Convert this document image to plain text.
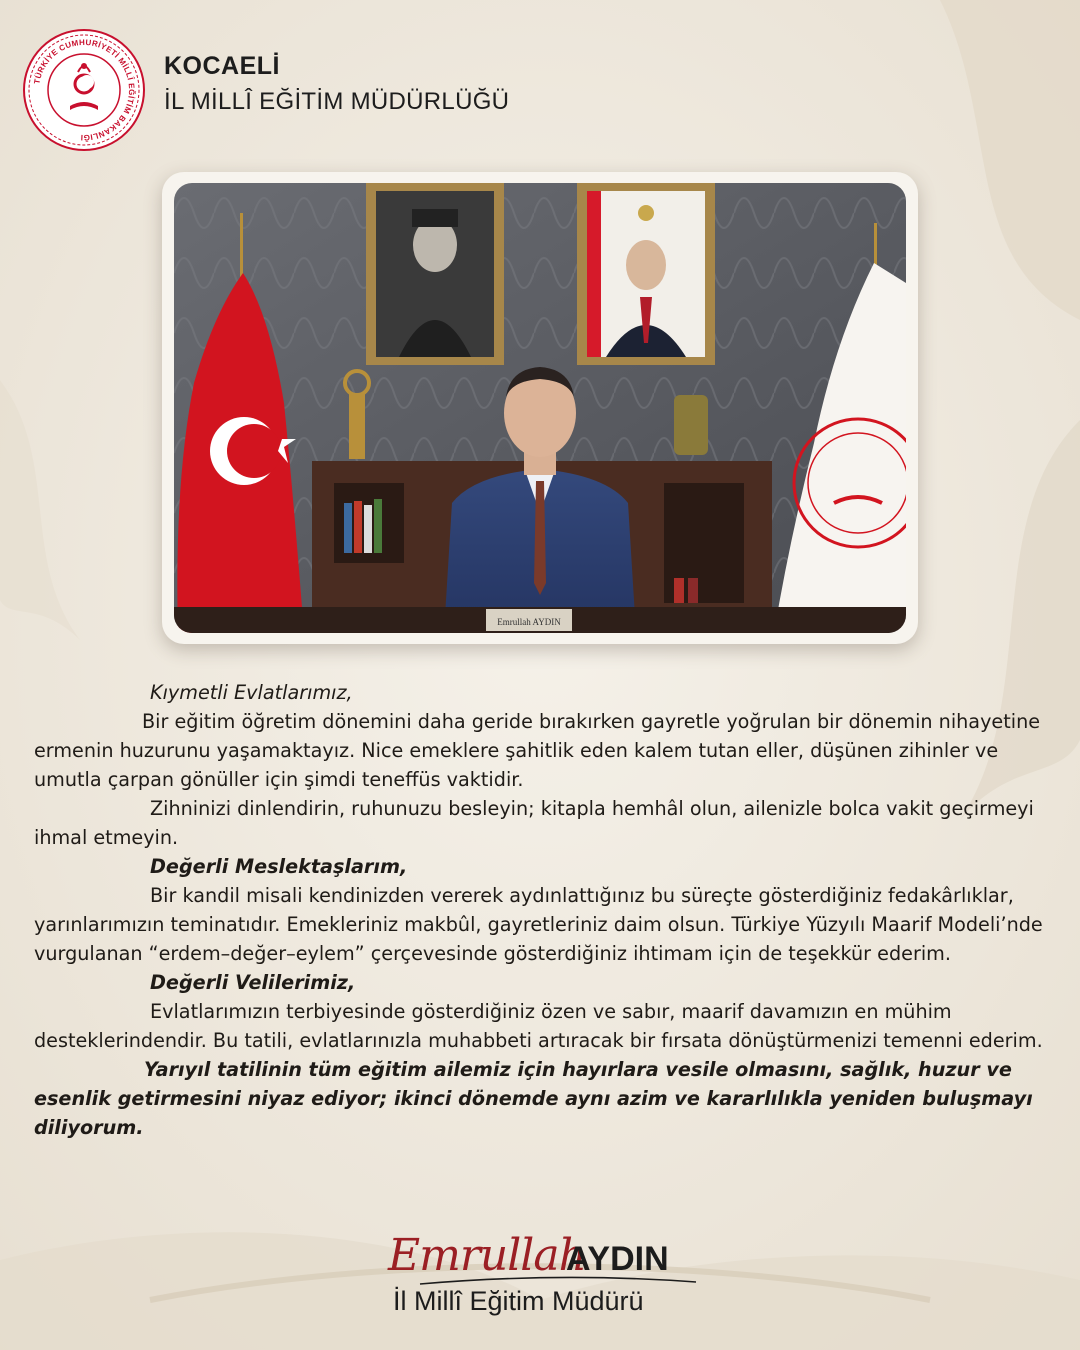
TÜRKİYE CUMHURİYETİ MİLLÎ EĞİTİM BAKANLIĞI
KOCAELİ
İL MİLLÎ EĞİTİM MÜDÜRLÜĞÜ
Emrullah AYDIN

Kıymetli Evlatlarımız,

Bir eğitim öğretim dönemini daha geride bırakırken gayretle yoğrulan bir dönemin nihayetine ermenin huzurunu yaşamaktayız. Nice emeklere şahitlik eden kalem tutan eller, düşünen zihinler ve umutla çarpan gönüller için şimdi teneffüs vaktidir.

Zihninizi dinlendirin, ruhunuzu besleyin; kitapla hemhâl olun, ailenizle bolca vakit geçirmeyi ihmal etmeyin.

Değerli Meslektaşlarım,

Bir kandil misali kendinizden vererek aydınlattığınız bu süreçte gösterdiğiniz fedakârlıklar, yarınlarımızın teminatıdır. Emekleriniz makbûl, gayretleriniz daim olsun. Türkiye Yüzyılı Maarif Modeli’nde vurgulanan “erdem–değer–eylem” çerçevesinde gösterdiğiniz ihtimam için de teşekkür ederim.

Değerli Velilerimiz,

Evlatlarımızın terbiyesinde gösterdiğiniz özen ve sabır, maarif davamızın en mühim desteklerindendir. Bu tatili, evlatlarınızla muhabbeti artıracak bir fırsata dönüştürmenizi temenni ederim.

Yarıyıl tatilinin tüm eğitim ailemiz için hayırlara vesile olmasını, sağlık, huzur ve esenlik getirmesini niyaz ediyor; ikinci dönemde aynı azim ve kararlılıkla yeniden buluşmayı diliyorum.

Emrullah
AYDIN
İl Millî Eğitim Müdürü
